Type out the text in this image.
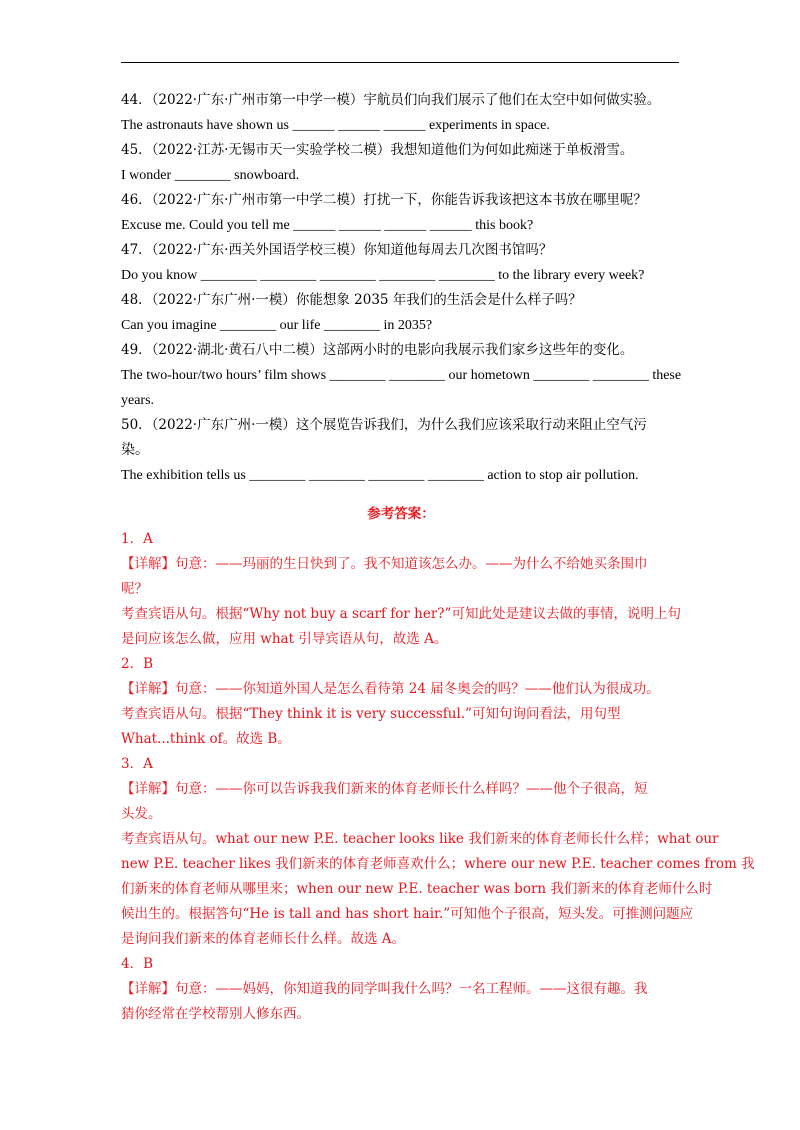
44．（2022·广东·广州市第一中学一模）宇航员们向我们展示了他们在太空中如何做实验。
The astronauts have shown us ______ ______ ______ experiments in space.
45．（2022·江苏·无锡市天一实验学校二模）我想知道他们为何如此痴迷于单板滑雪。
I wonder ________ snowboard.
46．（2022·广东·广州市第一中学二模）打扰一下，你能告诉我该把这本书放在哪里呢？
Excuse me. Could you tell me ______ ______ ______ ______ this book?
47．（2022·广东·西关外国语学校三模）你知道他每周去几次图书馆吗？
Do you know ________ ________ ________ ________ ________ to the library every week?
48．（2022·广东广州·一模）你能想象 2035 年我们的生活会是什么样子吗？
Can you imagine ________ our life ________ in 2035?
49．（2022·湖北·黄石八中二模）这部两小时的电影向我展示我们家乡这些年的变化。
The two-hour/two hours’ film shows ________ ________ our hometown ________ ________ these
years.
50．（2022·广东广州·一模）这个展览告诉我们，为什么我们应该采取行动来阻止空气污
染。
The exhibition tells us ________ ________ ________ ________ action to stop air pollution.
参考答案：
1．A
【详解】句意：——玛丽的生日快到了。我不知道该怎么办。——为什么不给她买条围巾
呢？
考查宾语从句。根据“Why not buy a scarf for her?”可知此处是建议去做的事情，说明上句
是问应该怎么做，应用 what 引导宾语从句，故选 A。
2．B
【详解】句意：——你知道外国人是怎么看待第 24 届冬奥会的吗？——他们认为很成功。
考查宾语从句。根据“They think it is very successful.”可知句询问看法，用句型
What...think of。故选 B。
3．A
【详解】句意：——你可以告诉我我们新来的体育老师长什么样吗？——他个子很高，短
头发。
考查宾语从句。what our new P.E. teacher looks like 我们新来的体育老师长什么样；what our
new P.E. teacher likes 我们新来的体育老师喜欢什么；where our new P.E. teacher comes from 我
们新来的体育老师从哪里来；when our new P.E. teacher was born 我们新来的体育老师什么时
候出生的。根据答句“He is tall and has short hair.”可知他个子很高，短头发。可推测问题应
是询问我们新来的体育老师长什么样。故选 A。
4．B
【详解】句意：——妈妈，你知道我的同学叫我什么吗？一名工程师。——这很有趣。我
猜你经常在学校帮别人修东西。
